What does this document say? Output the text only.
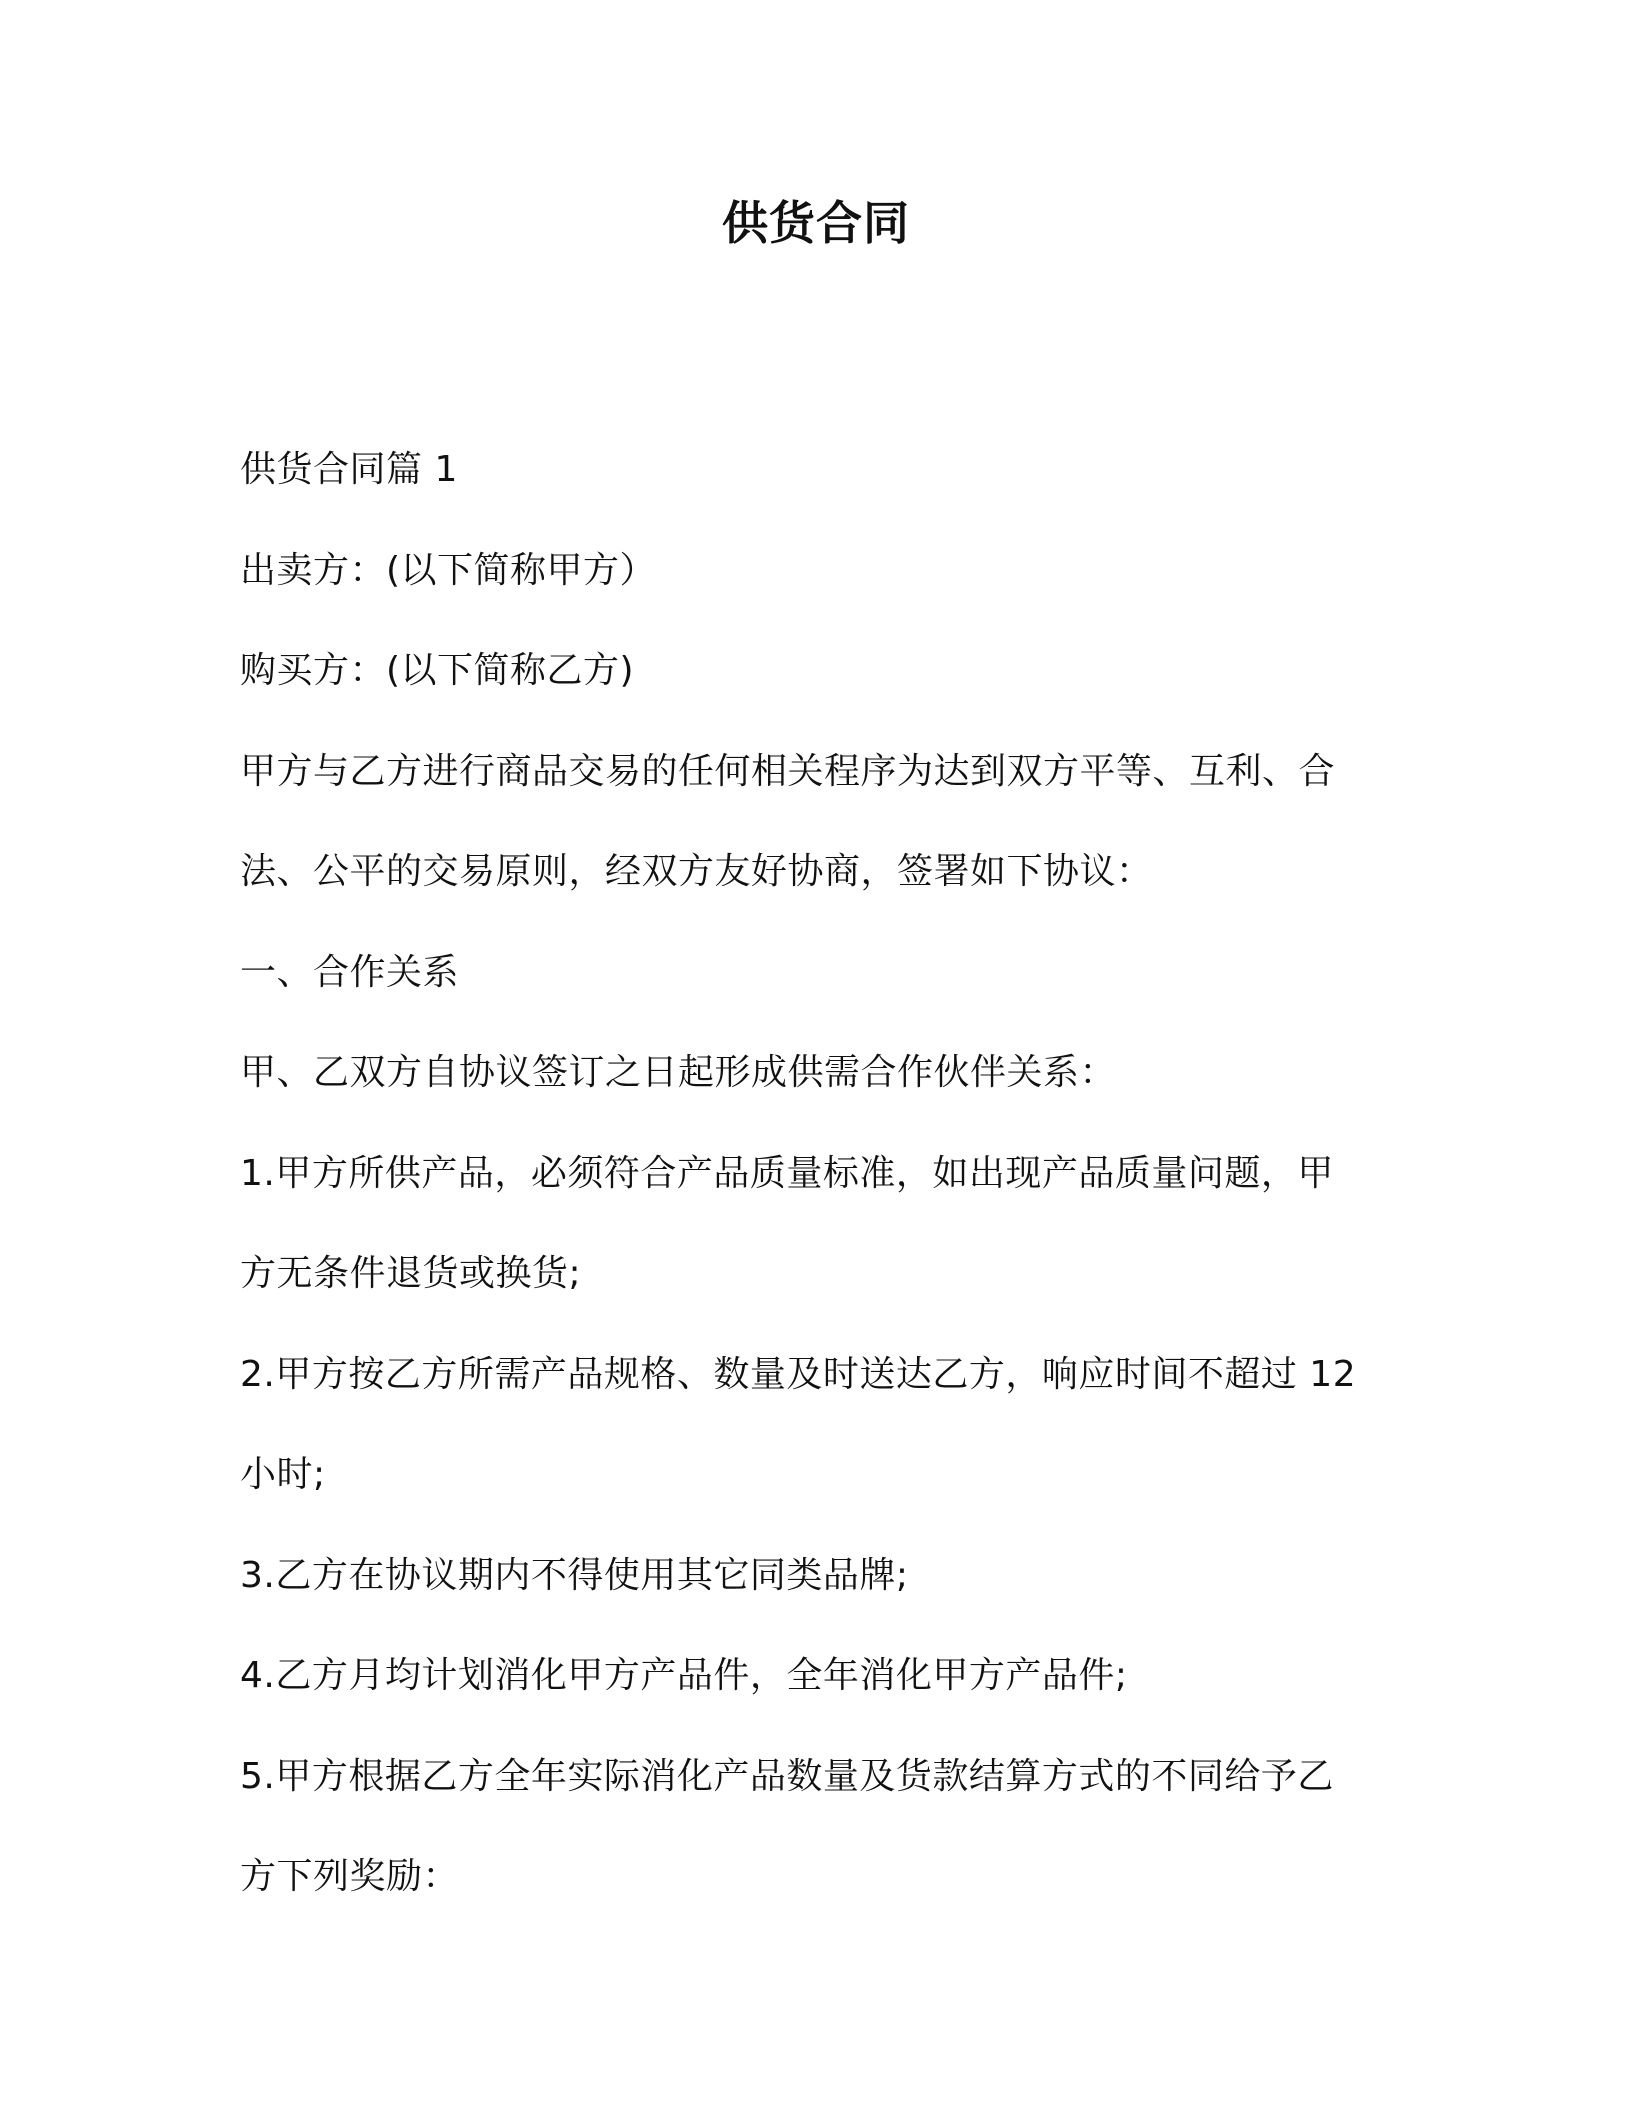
供货合同
供货合同篇 1
出卖方：(以下简称甲方）
购买方：(以下简称乙方)
甲方与乙方进行商品交易的任何相关程序为达到双方平等、互利、合
法、公平的交易原则，经双方友好协商，签署如下协议：
一、合作关系
甲、乙双方自协议签订之日起形成供需合作伙伴关系：
1.甲方所供产品，必须符合产品质量标准，如出现产品质量问题，甲
方无条件退货或换货;
2.甲方按乙方所需产品规格、数量及时送达乙方，响应时间不超过 12
小时;
3.乙方在协议期内不得使用其它同类品牌;
4.乙方月均计划消化甲方产品件，全年消化甲方产品件;
5.甲方根据乙方全年实际消化产品数量及货款结算方式的不同给予乙
方下列奖励：
